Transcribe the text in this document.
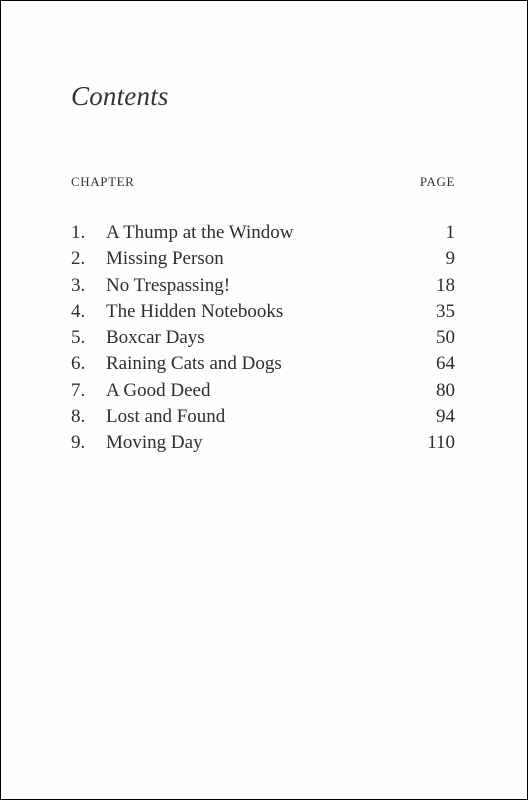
Contents
CHAPTER	PAGE
1. A Thump at the Window	1
2. Missing Person	9
3. No Trespassing!	18
4. The Hidden Notebooks	35
5. Boxcar Days	50
6. Raining Cats and Dogs	64
7. A Good Deed	80
8. Lost and Found	94
9. Moving Day	110
